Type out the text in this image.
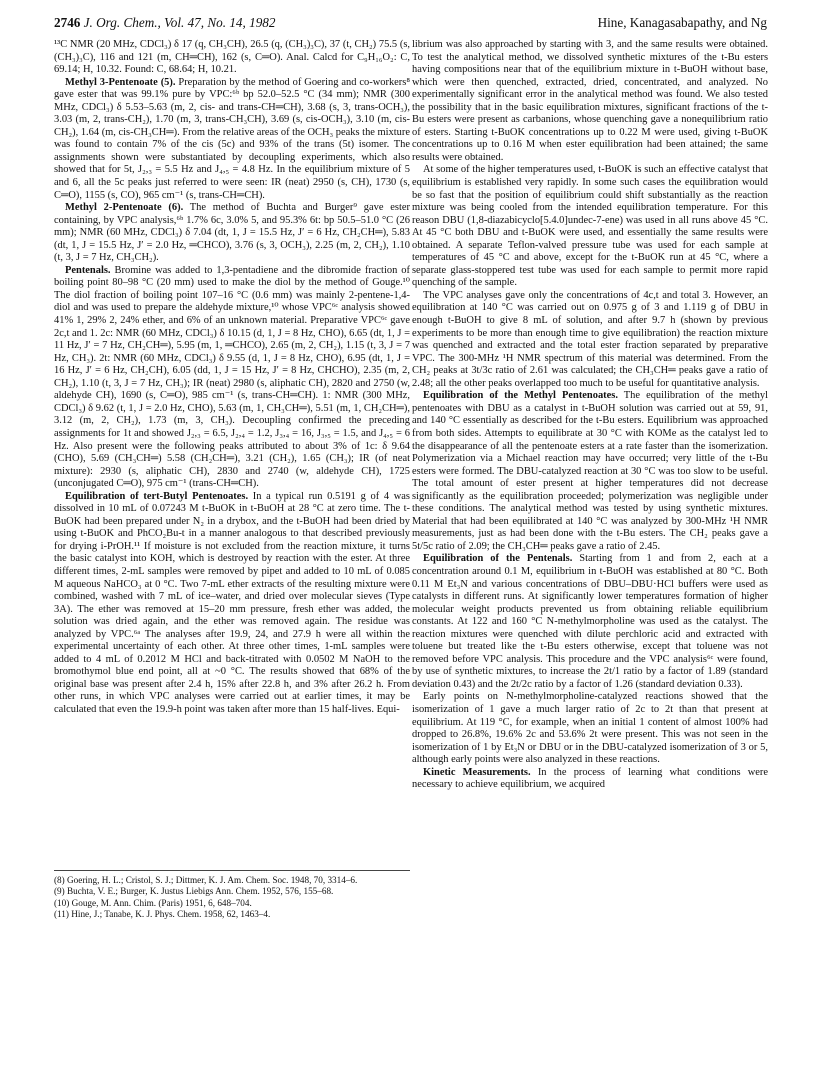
2746 J. Org. Chem., Vol. 47, No. 14, 1982	Hine, Kanagasabapathy, and Ng

¹³C NMR (20 MHz, CDCl₃) δ 17 (q, CH₃CH), 26.5 (q, (CH₃)₃C), 37 (t, CH₂) 75.5 (s, (CH₃)₃C), 116 and 121 (m, CH═CH), 162 (s, C═O). Anal. Calcd for C₉H₁₆O₂: C, 69.14; H, 10.32. Found: C, 68.64; H, 10.21.

Methyl 3-Pentenoate (5). Preparation by the method of Goering and co-workers⁸ gave ester that was 99.1% pure by VPC:⁶ᵇ bp 52.0–52.5 °C (34 mm); NMR (300 MHz, CDCl₃) δ 5.53–5.63 (m, 2, cis- and trans-CH═CH), 3.68 (s, 3, trans-OCH₃), 3.03 (m, 2, trans-CH₂), 1.70 (m, 3, trans-CH₃CH), 3.69 (s, cis-OCH₃), 3.10 (m, cis-CH₂), 1.64 (m, cis-CH₃CH═). From the relative areas of the OCH₃ peaks the mixture was found to contain 7% of the cis (5c) and 93% of the trans (5t) isomer. The assignments shown were substantiated by decoupling experiments, which also showed that for 5t, J₂,₃ = 5.5 Hz and J₄,₅ = 4.8 Hz. In the equilibrium mixture of 5 and 6, all the 5c peaks just referred to were seen: IR (neat) 2950 (s, CH), 1730 (s, C═O), 1155 (s, CO), 965 cm⁻¹ (s, trans-CH═CH).

Methyl 2-Pentenoate (6). The method of Buchta and Burger⁹ gave ester containing, by VPC analysis,⁶ᵇ 1.7% 6c, 3.0% 5, and 95.3% 6t: bp 50.5–51.0 °C (26 mm); NMR (60 MHz, CDCl₃) δ 7.04 (dt, 1, J = 15.5 Hz, J′ = 6 Hz, CH₂CH═), 5.83 (dt, 1, J = 15.5 Hz, J′ = 2.0 Hz, ═CHCO), 3.76 (s, 3, OCH₃), 2.25 (m, 2, CH₂), 1.10 (t, 3, J = 7 Hz, CH₃CH₂).

Pentenals. Bromine was added to 1,3-pentadiene and the dibromide fraction of boiling point 80–98 °C (20 mm) used to make the diol by the method of Gouge.¹⁰ The diol fraction of boiling point 107–16 °C (0.6 mm) was mainly 2-pentene-1,4-diol and was used to prepare the aldehyde mixture,¹⁰ whose VPC⁶ᶜ analysis showed 41% 1, 29% 2, 24% ether, and 6% of an unknown material. Preparative VPC⁶ᶜ gave 2c,t and 1. 2c: NMR (60 MHz, CDCl₃) δ 10.15 (d, 1, J = 8 Hz, CHO), 6.65 (dt, 1, J = 11 Hz, J′ = 7 Hz, CH₂CH═), 5.95 (m, 1, ═CHCO), 2.65 (m, 2, CH₂), 1.15 (t, 3, J = 7 Hz, CH₃). 2t: NMR (60 MHz, CDCl₃) δ 9.55 (d, 1, J = 8 Hz, CHO), 6.95 (dt, 1, J = 16 Hz, J′ = 6 Hz, CH₂CH), 6.05 (dd, 1, J = 15 Hz, J′ = 8 Hz, CHCHO), 2.35 (m, 2, CH₂), 1.10 (t, 3, J = 7 Hz, CH₃); IR (neat) 2980 (s, aliphatic CH), 2820 and 2750 (w, aldehyde CH), 1690 (s, C═O), 985 cm⁻¹ (s, trans-CH═CH). 1: NMR (300 MHz, CDCl₃) δ 9.62 (t, 1, J = 2.0 Hz, CHO), 5.63 (m, 1, CH₃CH═), 5.51 (m, 1, CH₂CH═), 3.12 (m, 2, CH₂), 1.73 (m, 3, CH₃). Decoupling confirmed the preceding assignments for 1t and showed J₂,₃ = 6.5, J₂,₄ = 1.2, J₃,₄ = 16, J₃,₅ = 1.5, and J₄,₅ = 6 Hz. Also present were the following peaks attributed to about 3% of 1c: δ 9.64 (CHO), 5.69 (CH₃CH═) 5.58 (CH₂CH═), 3.21 (CH₂), 1.65 (CH₃); IR (of neat mixture): 2930 (s, aliphatic CH), 2830 and 2740 (w, aldehyde CH), 1725 (unconjugated C═O), 975 cm⁻¹ (trans-CH═CH).

Equilibration of tert-Butyl Pentenoates. In a typical run 0.5191 g of 4 was dissolved in 10 mL of 0.07243 M t-BuOK in t-BuOH at 28 °C at zero time. The t-BuOK had been prepared under N₂ in a drybox, and the t-BuOH had been dried by using t-BuOK and PhCO₂Bu-t in a manner analogous to that described previously for drying i-PrOH.¹¹ If moisture is not excluded from the reaction mixture, it turns the basic catalyst into KOH, which is destroyed by reaction with the ester. At three different times, 2-mL samples were removed by pipet and added to 10 mL of 0.085 M aqueous NaHCO₃ at 0 °C. Two 7-mL ether extracts of the resulting mixture were combined, washed with 7 mL of ice–water, and dried over molecular sieves (Type 3A). The ether was removed at 15–20 mm pressure, fresh ether was added, the solution was dried again, and the ether was removed again. The residue was analyzed by VPC.⁶ᵃ The analyses after 19.9, 24, and 27.9 h were all within the experimental uncertainty of each other. At three other times, 1-mL samples were added to 4 mL of 0.2012 M HCl and back-titrated with 0.0502 M NaOH to the bromothymol blue end point, all at ~0 °C. The results showed that 68% of the original base was present after 2.4 h, 15% after 22.8 h, and 3% after 26.2 h. From other runs, in which VPC analyses were carried out at earlier times, it may be calculated that even the 19.9-h point was taken after more than 15 half-lives. Equi-

librium was also approached by starting with 3, and the same results were obtained. To test the analytical method, we dissolved synthetic mixtures of the t-Bu esters having compositions near that of the equilibrium mixture in t-BuOH without base, which were then quenched, extracted, dried, concentrated, and analyzed. No experimentally significant error in the analytical method was found. We also tested the possibility that in the basic equilibration mixtures, significant fractions of the t-Bu esters were present as carbanions, whose quenching gave a nonequilibrium ratio of esters. Starting t-BuOK concentrations up to 0.22 M were used, giving t-BuOK concentrations up to 0.16 M when ester equilibration had been attained; the same results were obtained.

At some of the higher temperatures used, t-BuOK is such an effective catalyst that equilibrium is established very rapidly. In some such cases the equilibration would be so fast that the position of equilibrium could shift substantially as the reaction mixture was being cooled from the intended equilibration temperature. For this reason DBU (1,8-diazabicyclo[5.4.0]undec-7-ene) was used in all runs above 45 °C. At 45 °C both DBU and t-BuOK were used, and essentially the same results were obtained. A separate Teflon-valved pressure tube was used for each sample at temperatures of 45 °C and above, except for the t-BuOK run at 45 °C, where a separate glass-stoppered test tube was used for each sample to permit more rapid quenching of the sample.

The VPC analyses gave only the concentrations of 4c,t and total 3. However, an equilibration at 140 °C was carried out on 0.975 g of 3 and 1.119 g of DBU in enough t-BuOH to give 8 mL of solution, and after 9.7 h (shown by previous experiments to be more than enough time to give equilibration) the reaction mixture was quenched and extracted and the total ester fraction separated by preparative VPC. The 300-MHz ¹H NMR spectrum of this material was determined. From the CH₂ peaks at 3t/3c ratio of 2.61 was calculated; the CH₃CH═ peaks gave a ratio of 2.48; all the other peaks overlapped too much to be useful for quantitative analysis.

Equilibration of the Methyl Pentenoates. The equilibration of the methyl pentenoates with DBU as a catalyst in t-BuOH solution was carried out at 59, 91, and 140 °C essentially as described for the t-Bu esters. Equilibrium was approached from both sides. Attempts to equilibrate at 30 °C with KOMe as the catalyst led to the disappearance of all the pentenoate esters at a rate faster than the isomerization. Polymerization via a Michael reaction may have occurred; very little of the t-Bu esters were formed. The DBU-catalyzed reaction at 30 °C was too slow to be useful. The total amount of ester present at higher temperatures did not decrease significantly as the equilibration proceeded; polymerization was negligible under these conditions. The analytical method was tested by using synthetic mixtures. Material that had been equilibrated at 140 °C was analyzed by 300-MHz ¹H NMR measurements, just as had been done with the t-Bu esters. The CH₂ peaks gave a 5t/5c ratio of 2.09; the CH₃CH═ peaks gave a ratio of 2.45.

Equilibration of the Pentenals. Starting from 1 and from 2, each at a concentration around 0.1 M, equilibrium in t-BuOH was established at 80 °C. Both 0.11 M Et₃N and various concentrations of DBU–DBU·HCl buffers were used as catalysts in different runs. At significantly lower temperatures formation of higher molecular weight products prevented us from obtaining reliable equilibrium constants. At 122 and 160 °C N-methylmorpholine was used as the catalyst. The reaction mixtures were quenched with dilute perchloric acid and extracted with toluene but treated like the t-Bu esters otherwise, except that toluene was not removed before VPC analysis. This procedure and the VPC analysis⁶ᶜ were found, by use of synthetic mixtures, to increase the 2t/1 ratio by a factor of 1.89 (standard deviation 0.43) and the 2t/2c ratio by a factor of 1.26 (standard deviation 0.33).

Early points on N-methylmorpholine-catalyzed reactions showed that the isomerization of 1 gave a much larger ratio of 2c to 2t than that present at equilibrium. At 119 °C, for example, when an initial 1 content of almost 100% had dropped to 26.8%, 19.6% 2c and 53.6% 2t were present. This was not seen in the isomerization of 1 by Et₃N or DBU or in the DBU-catalyzed isomerization of 3 or 5, although early points were also analyzed in these reactions.

Kinetic Measurements. In the process of learning what conditions were necessary to achieve equilibrium, we acquired

(8) Goering, H. L.; Cristol, S. J.; Dittmer, K. J. Am. Chem. Soc. 1948, 70, 3314–6.

(9) Buchta, V. E.; Burger, K. Justus Liebigs Ann. Chem. 1952, 576, 155–68.

(10) Gouge, M. Ann. Chim. (Paris) 1951, 6, 648–704.

(11) Hine, J.; Tanabe, K. J. Phys. Chem. 1958, 62, 1463–4.
